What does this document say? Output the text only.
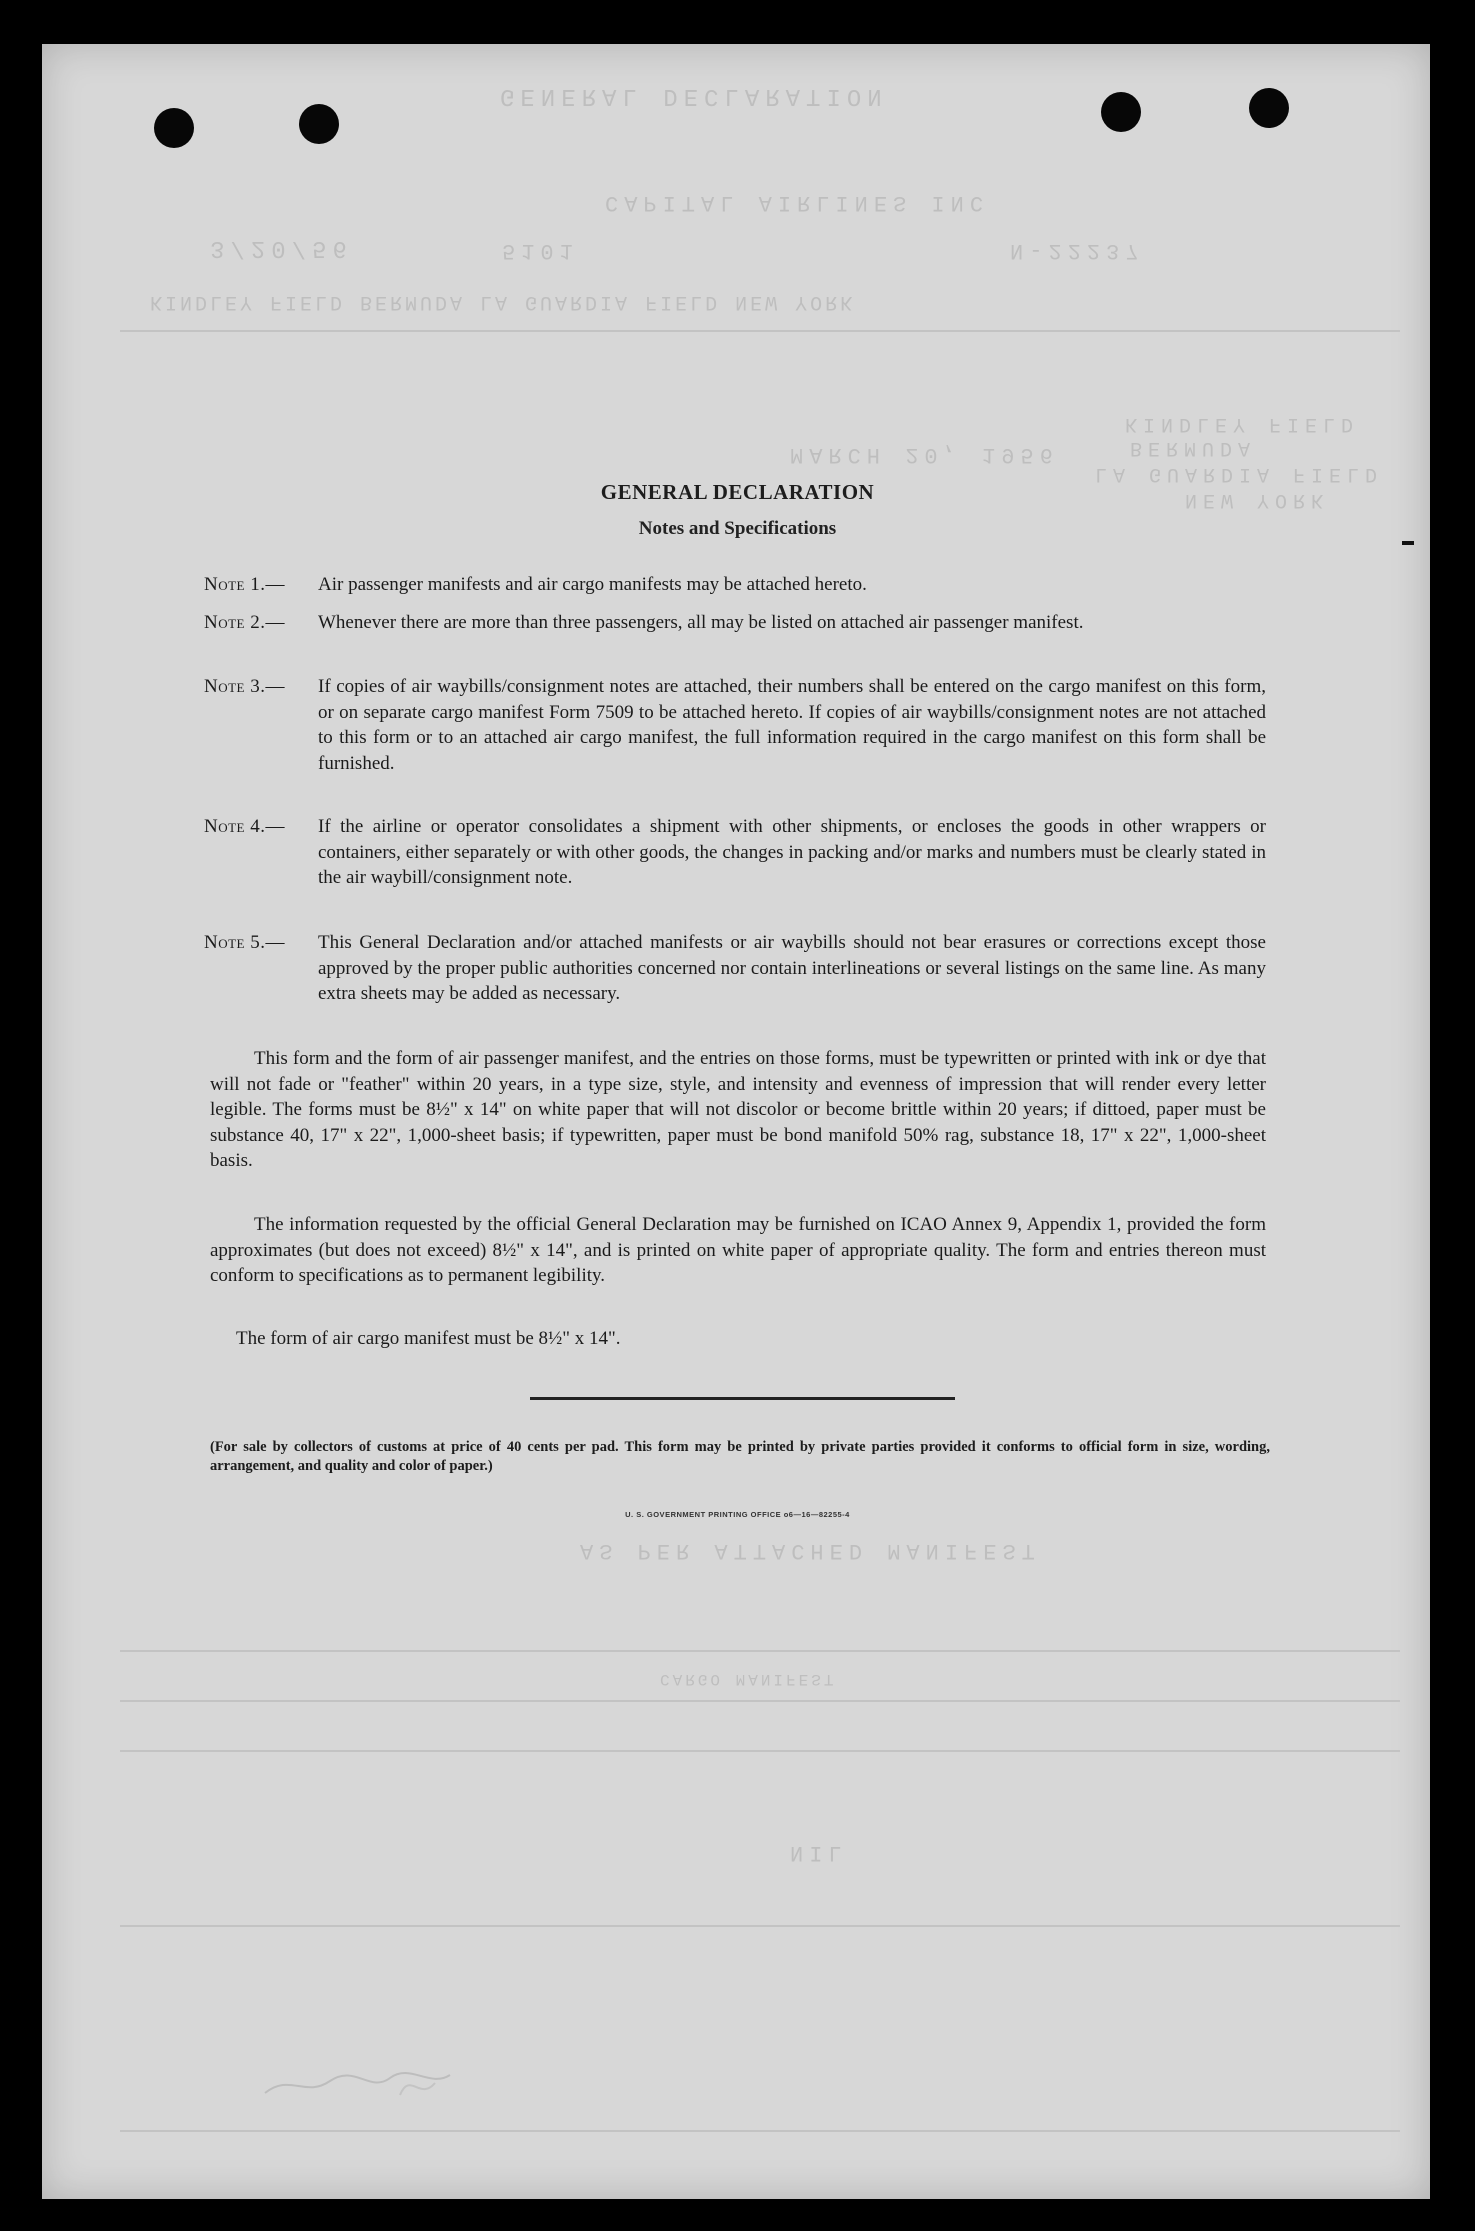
GENERAL DECLARATION
CAPITAL AIRLINES INC
N-22237
5101
3/20/56
KINDLEY FIELD BERMUDA LA GUARDIA FIELD NEW YORK
MARCH 20, 1956
KINDLEY FIELD
BERMUDA
LA GUARDIA FIELD
NEW YORK
AS PER ATTACHED MANIFEST
CARGO MANIFEST
NIL
GENERAL DECLARATION
Notes and Specifications
Note 1.—	Air passenger manifests and air cargo manifests may be attached hereto.
Note 2.—	Whenever there are more than three passengers, all may be listed on attached air passenger manifest.
Note 3.—	If copies of air waybills/consignment notes are attached, their numbers shall be entered on the cargo manifest on this form, or on separate cargo manifest Form 7509 to be attached hereto. If copies of air waybills/consignment notes are not attached to this form or to an attached air cargo manifest, the full information required in the cargo manifest on this form shall be furnished.
Note 4.—	If the airline or operator consolidates a shipment with other shipments, or encloses the goods in other wrappers or containers, either separately or with other goods, the changes in packing and/or marks and numbers must be clearly stated in the air waybill/consignment note.
Note 5.—	This General Declaration and/or attached manifests or air waybills should not bear erasures or corrections except those approved by the proper public authorities concerned nor contain interlineations or several listings on the same line. As many extra sheets may be added as necessary.
This form and the form of air passenger manifest, and the entries on those forms, must be typewritten or printed with ink or dye that will not fade or "feather" within 20 years, in a type size, style, and intensity and evenness of impression that will render every letter legible. The forms must be 8½" x 14" on white paper that will not discolor or become brittle within 20 years; if dittoed, paper must be substance 40, 17" x 22", 1,000-sheet basis; if typewritten, paper must be bond manifold 50% rag, substance 18, 17" x 22", 1,000-sheet basis.
The information requested by the official General Declaration may be furnished on ICAO Annex 9, Appendix 1, provided the form approximates (but does not exceed) 8½" x 14", and is printed on white paper of appropriate quality. The form and entries thereon must conform to specifications as to permanent legibility.
The form of air cargo manifest must be 8½" x 14".
(For sale by collectors of customs at price of 40 cents per pad. This form may be printed by private parties provided it conforms to official form in size, wording, arrangement, and quality and color of paper.)
U. S. GOVERNMENT PRINTING OFFICE o6—16—82255-4
